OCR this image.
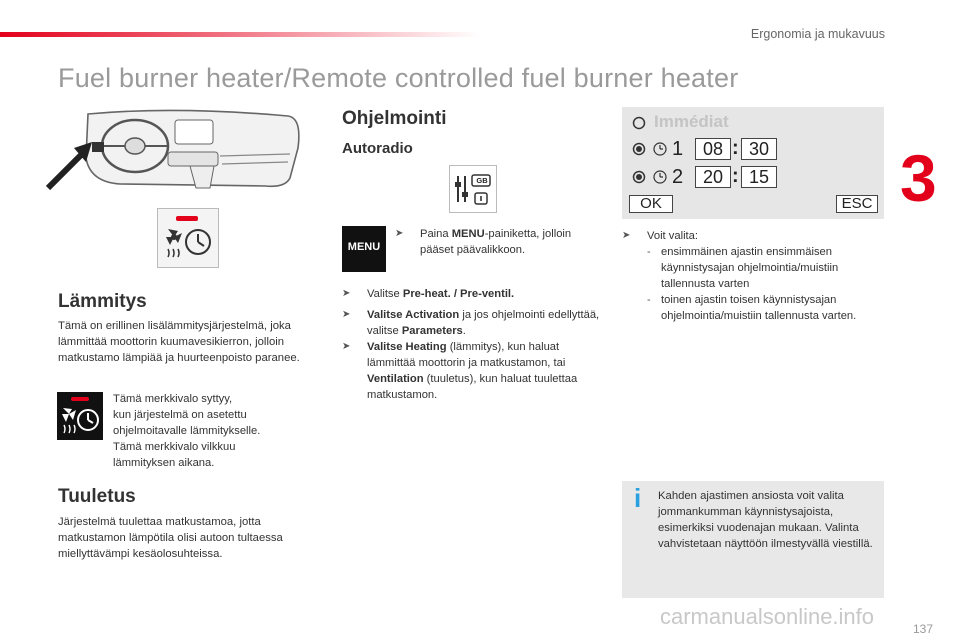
Ergonomia ja mukavuus
Fuel burner heater/Remote controlled fuel burner heater
3
Lämmitys

Tämä on erillinen lisälämmitysjärjestelmä, joka lämmittää moottorin kuumavesikierron, jolloin matkustamo lämpiää ja huurteenpoisto paranee.

Tämä merkkivalo syttyy,
kun järjestelmä on asetettu
ohjelmoitavalle lämmitykselle.
Tämä merkkivalo vilkkuu
lämmityksen aikana.
Tuuletus

Järjestelmä tuulettaa matkustamoa, jotta matkustamon lämpötila olisi autoon tultaessa miellyttävämpi kesäolosuhteissa.

Ohjelmointi
Autoradio
GB
MENU
➤	Paina MENU-painiketta, jolloin pääset päävalikkoon.
➤	Valitse Pre-heat. / Pre-ventil.
➤	Valitse Activation ja jos ohjelmointi edellyttää, valitse Parameters.
➤	Valitse Heating (lämmitys), kun haluat lämmittää moottorin ja matkustamon, tai Ventilation (tuuletus), kun haluat tuulettaa matkustamon.
Immédiat
1	08 : 30
2	20 : 15
OK	ESC
➤	Voit valita:
- ensimmäinen ajastin ensimmäisen käynnistysajan ohjelmointia/muistiin tallennusta varten
- toinen ajastin toisen käynnistysajan ohjelmointia/muistiin tallennusta varten.
i Kahden ajastimen ansiosta voit valita jommankumman käynnistysajoista, esimerkiksi vuodenajan mukaan. Valinta vahvistetaan näyttöön ilmestyvällä viestillä.

carmanualsonline.info	137
